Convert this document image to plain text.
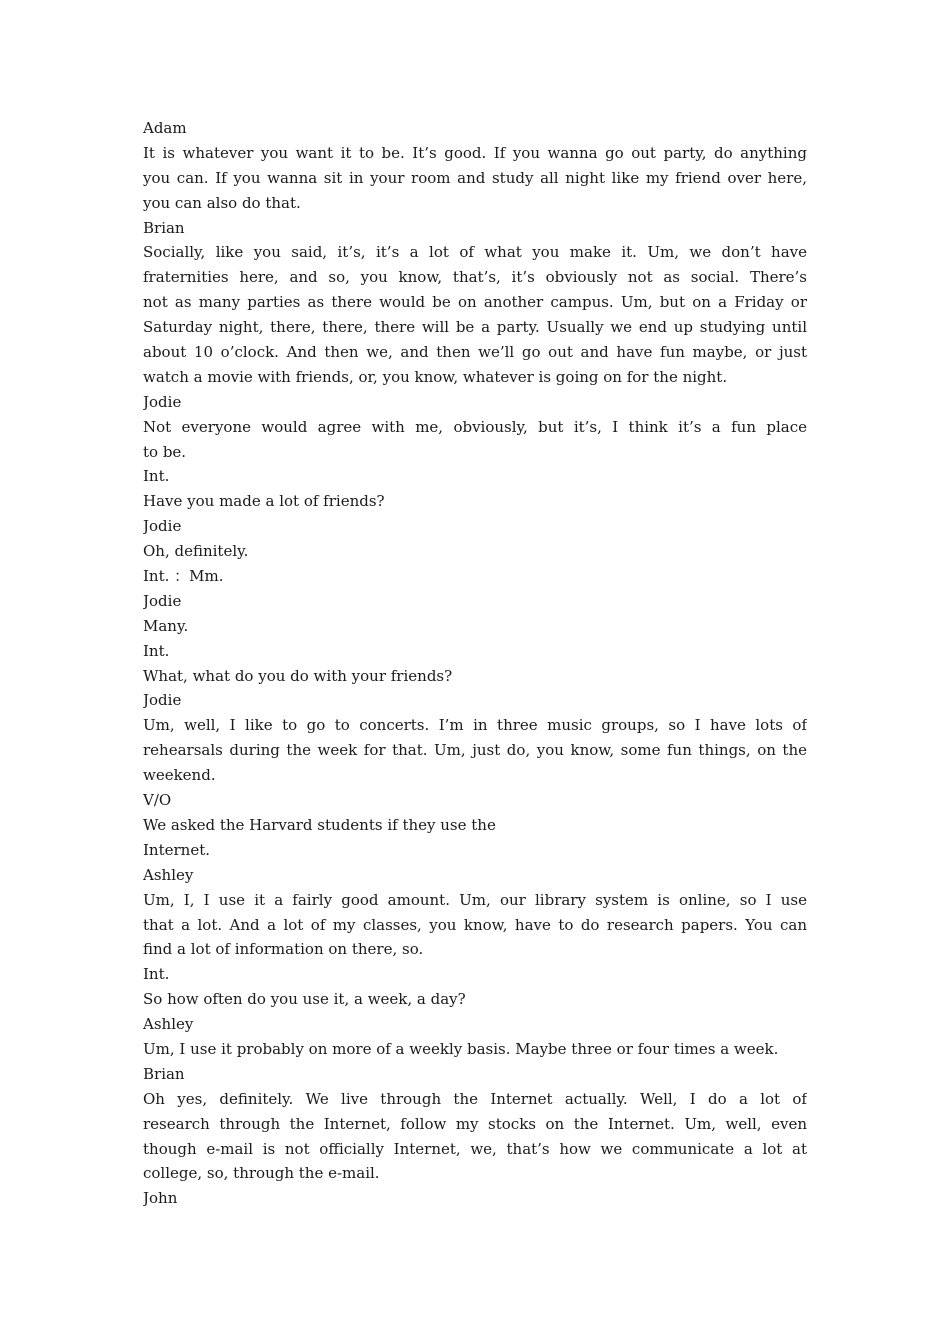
Adam
It is whatever you want it to be. It’s good. If you wanna go out party, do anything
you can. If you wanna sit in your room and study all night like my friend over here,
you can also do that.
Brian
Socially, like you said, it’s, it’s a lot of what you make it. Um, we don’t have
fraternities here, and so, you know, that’s, it’s obviously not as social. There’s
not as many parties as there would be on another campus. Um, but on a Friday or
Saturday night, there, there, there will be a party. Usually we end up studying until
about 10 o’clock. And then we, and then we’ll go out and have fun maybe, or just
watch a movie with friends, or, you know, whatever is going on for the night.
Jodie
Not everyone would agree with me, obviously, but it’s, I think it’s a fun place
to be.
Int.
Have you made a lot of friends?
Jodie
Oh, definitely.
Int. ：Mm.
Jodie
Many.
Int.
What, what do you do with your friends?
Jodie
Um, well, I like to go to concerts. I’m in three music groups, so I have lots of
rehearsals during the week for that. Um, just do, you know, some fun things, on the
weekend.
V/O
We asked the Harvard students if they use the
Internet.
Ashley
Um, I, I use it a fairly good amount. Um, our library system is online, so I use
that a lot. And a lot of my classes, you know, have to do research papers. You can
find a lot of information on there, so.
Int.
So how often do you use it, a week, a day?
Ashley
Um, I use it probably on more of a weekly basis. Maybe three or four times a week.
Brian
Oh yes, definitely. We live through the Internet actually. Well, I do a lot of
research through the Internet, follow my stocks on the Internet. Um, well, even
though e-mail is not officially Internet, we, that’s how we communicate a lot at
college, so, through the e-mail.
John
